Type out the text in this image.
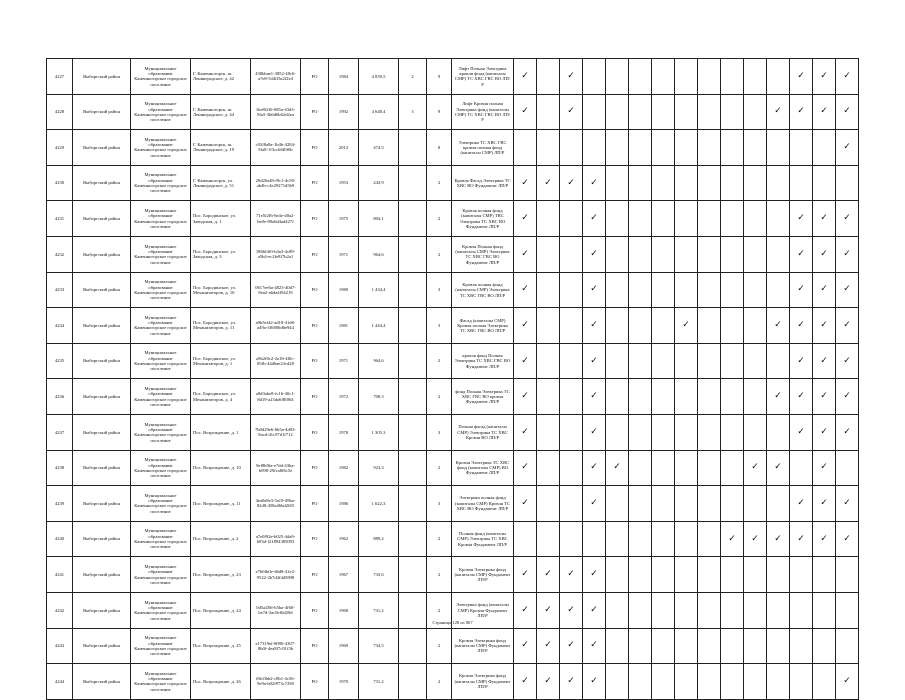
4227	Выборгский район	Муниципальное образование Каменногорское городское поселение	Г. Каменногорск, ш. Ленинградское, д. 42	438bbae1-3852-48c6-a7e8-544ff5a2f2e4	РО	1984	4 839,5	2	9	Лифт Полная Электрика кровли фонд (капиталы СМР) ТС ХВС ГВС ВО ЛП/Р	✓		✓										✓	✓	✓
4228	Выборгский район	Муниципальное образование Каменногорское городское поселение	Г. Каменногорск, ш. Ленинградское, д. 44	1be8f2f6-685a-43d3-9fa5-3b6d6b62d2ea	РО	1992	4 648,4	3	9	Лифт Кровля полная Электрика фонд (капиталы СМР) ТС ХВС ГВС ВО ЛП/Р	✓		✓									✓	✓	✓	✓
4229	Выборгский район	Муниципальное образование Каменногорское городское поселение	Г. Каменногорск, ш. Ленинградское, д. 19	c92f8a8a-1b4b-4284-9fa8-1f3ccb6f0f6b	РО	2013	474,5		8	Электрика ТС ХВС ГВС кровля полная фонд (капиталы СМР) ЛП/Р															✓
4230	Выборгский район	Муниципальное образование Каменногорское городское поселение	Г. Каменногорск, ул. Ленинградское, д. 51	29d26a48-f9c1-4c50-ab4b-c4e29271d5b9	РО	1953	243,9		2	Кровля Фасад Электрика ТС ХВС ВО Фундамент ЛП/Р	✓	✓	✓	✓											
4231	Выборгский район	Муниципальное образование Каменногорское городское поселение	Пос. Бородинское, ул. Заводская, д. 1	71e5f2f6-6e4e-40a2-be0e-89a6d4ad427f	РО	1975	804,1		2	Кровля полная фонд (капиталы СМР) ТВС Электрика ТС ХВС ВО Фундамент ЛП/Р	✓			✓									✓	✓	✓
4232	Выборгский район	Муниципальное образование Каменногорское городское поселение	Пос. Бородинское, ул. Заводская, д. 3	1866f4f0-b4a3-4c89-a5b4-ec2fe8f7b2a1	РО	1971	964,6		2	Кровля Полная фонд (капиталы СМР) Электрика ТС ХВС ГВС ВО Фундамент ЛП/Р	✓			✓									✓	✓	✓
4233	Выборгский район	Муниципальное образование Каменногорское городское поселение	Пос. Бородинское, ул. Механизаторов, д. 10	0617ee6a-4823-40d7-8ea2-a6da4f94219	РО	1980	1 434,4		3	Кровля полная фонд (капиталы СМР) Электрика ТС ХВС ГВС ВО ЛП/Р	✓			✓									✓	✓	✓
4234	Выборгский район	Муниципальное образование Каменногорское городское поселение	Пос. Бородинское, ул. Механизаторов, д. 11	a9b5ef42-ad19-41d6-a49a-f36806d6e944	РО	1981	1 444,4		3	Фасад (капиталы СМР) Кровля полная Электрика ТС ХВС ГВС ВО ЛП/Р	✓			✓				✓				✓	✓	✓	✓
4235	Выборгский район	Муниципальное образование Каменногорское городское поселение	Пос. Бородинское, ул. Механизаторов, д. 1	a9b2f0c2-2a18-4f0c-85fb-44d6ae23cd28	РО	1971	964,6		2	кровля фонд Полная Электрика ТС ХВС ГВС ВО Фундамент ЛП/Р	✓			✓									✓	✓	✓
4236	Выборгский район	Муниципальное образование Каменногорское городское поселение	Пос. Бородинское, ул. Механизаторов, д. 4	a9d3abe8-fc1b-40c1-8d19-a23da6f8f064	РО	1972	708,3		2	фонд Полная Электрика ТС ХВС ГВС ВО кровля Фундамент ЛП/Р	✓			✓								✓	✓	✓	✓
4237	Выборгский район	Муниципальное образование Каменногорское городское поселение	Пос. Возрождение, д. 1	7b0d29e6-6b5a-4d03-8acd-d1c97d1f712	РО	1978	1 305,3		3	Полная фасад (капиталы СМР) Электрика ТС ХВС Кровля ВО ЛП/Р	✓			✓									✓	✓	✓
4238	Выборгский район	Муниципальное образование Каменногорское городское поселение	Пос. Возрождение, д. 10	9ef8b9fa-e7dd-43ba-b098-29fca8f6c5e	РО	1982	923,3		2	Кровля Электрика ТС ХВС фонд (капиталы СМР) ВО Фундамент ЛП/Р	✓			✓	✓						✓	✓		✓	
4239	Выборгский район	Муниципальное образование Каменногорское городское поселение	Пос. Возрождение, д. 11	4ea0a9e3-5a19-49ba-82d8-458a46bd2f65	РО	1986	1 622,3		3	Электрика полная фонд (капиталы СМР) Кровля ТС ХВС ВО Фундамент ЛП/Р	✓			✓									✓	✓	✓
4240	Выборгский район	Муниципальное образование Каменногорское городское поселение	Пос. Возрождение, д. 2	a7e0f92e-b025-4da9-b93d-f21894385093	РО	1962	889,2		2	Полная фонд (капиталы СМР) Электрика ТС ХВС Кровля Фундамент ЛП/Р										✓	✓	✓	✓	✓	✓
4241	Выборгский район	Муниципальное образование Каменногорское городское поселение	Пос. Возрождение, д. 23	e7b6fb0e-d6d8-41e2-9522-2b7d4f4d5898	РО	1967	733,6		2	Кровля Электрика фонд (капиталы СМР) Фундамент ЛП/Р	✓	✓	✓	✓											
4242	Выборгский район	Муниципальное образование Каменногорское городское поселение	Пос. Возрождение, д. 24	0d5a28ff-b5ba-4f60-be7d-3ac9ef6d20d	РО	1968	731,2		2	Электрика фонд (капиталы СМР) Кровля Фундамент ЛП/Р	✓	✓	✓	✓											
4243	Выборгский район	Муниципальное образование Каменногорское городское поселение	Пос. Возрождение, д. 25	e17319ef-8090-4307-8b0f-4ea8f7c91f3b	РО	1969	734,5		2	Кровля Электрика фонд (капиталы СМР) Фундамент ЛП/Р	✓	✓	✓	✓											
4244	Выборгский район	Муниципальное образование Каменногорское городское поселение	Пос. Возрождение, д. 26	f6fc0bb2-c8b1-4c56-9e9a-b02f973c7290	РО	1970	731,2		2	Кровля Электрика фонд (капиталы СМР) Фундамент ЛП/Р	✓	✓	✓	✓											✓
Страница 128 из 867
